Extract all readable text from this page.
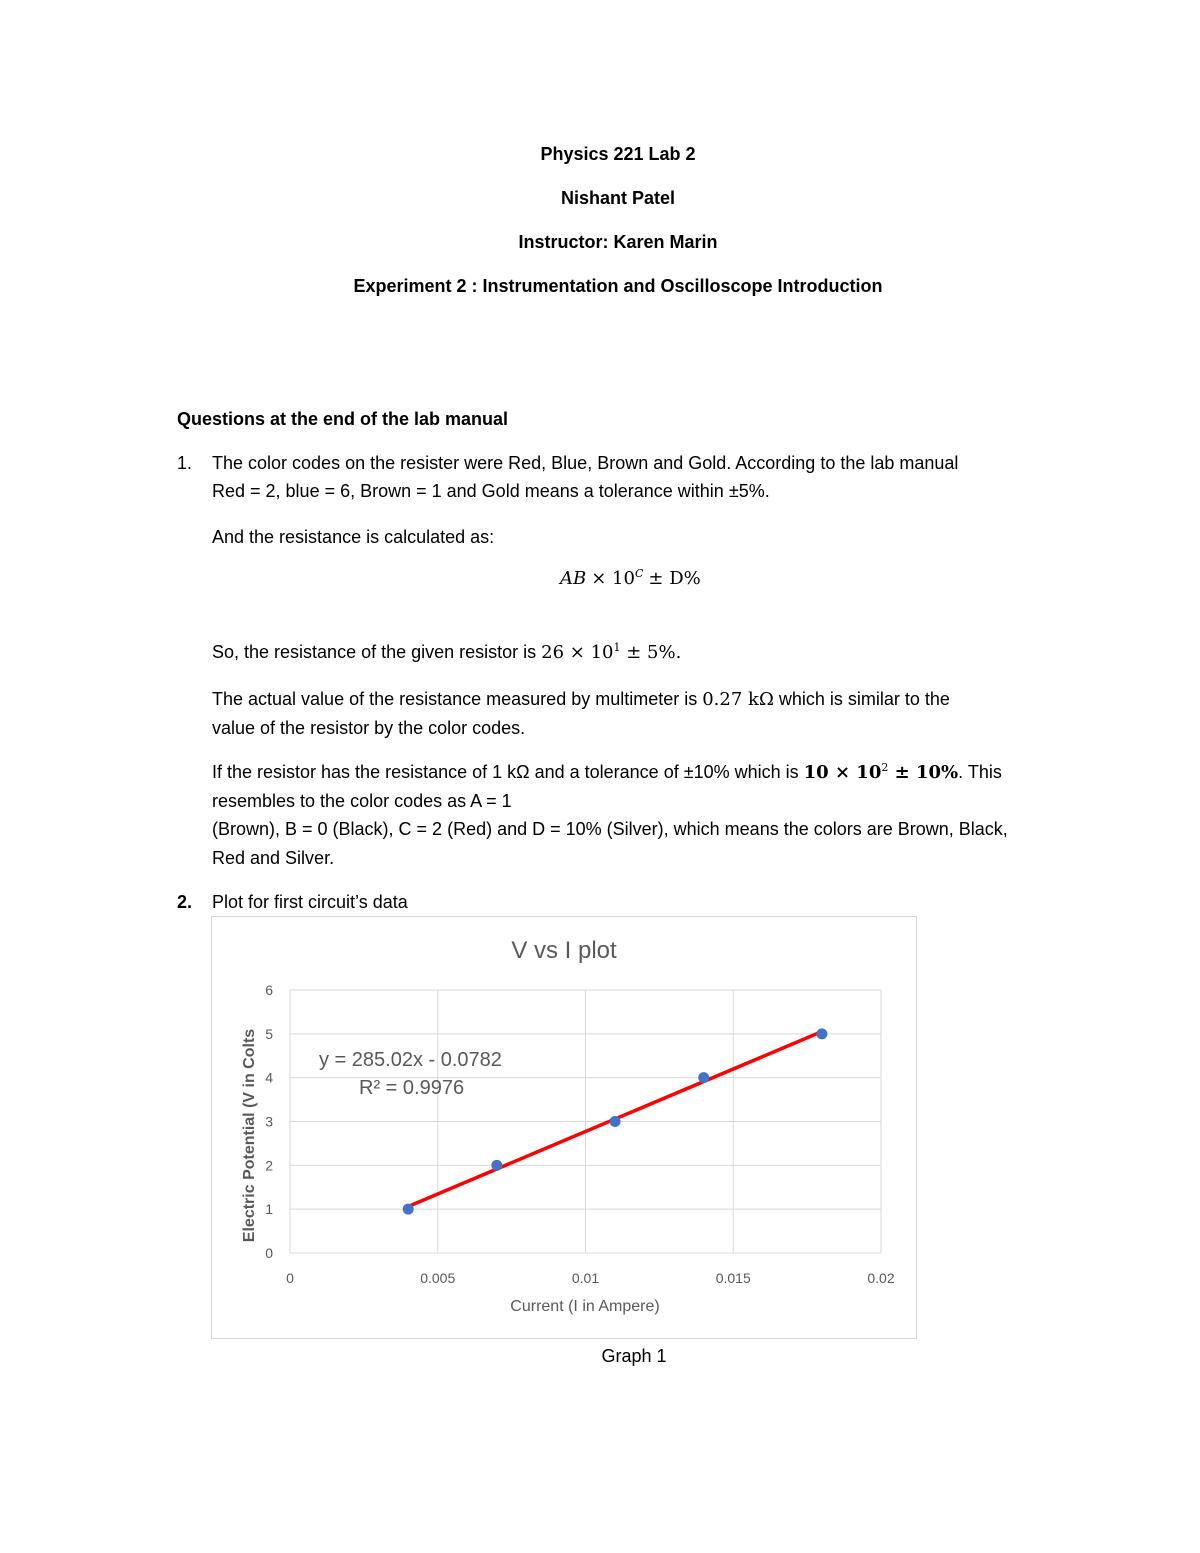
Physics 221 Lab 2
Nishant Patel
Instructor: Karen Marin
Experiment 2 : Instrumentation and Oscilloscope Introduction
Questions at the end of the lab manual
1. The color codes on the resister were Red, Blue, Brown and Gold. According to the lab manual
Red = 2, blue = 6, Brown = 1 and Gold means a tolerance within ±5%.
And the resistance is calculated as:
AB × $10^C \pm D\%$
So, the resistance of the given resistor is $26 \times 10^1 \pm 5\%$.
The actual value of the resistance measured by multimeter is 0.27 kΩ which is similar to the
value of the resistor by the color codes.
If the resistor has the resistance of 1 kΩ and a tolerance of ±10% which is $10 \times 10^2 \pm 10\%$. This
resembles to the color codes as A = 1
(Brown), B = 0 (Black), C = 2 (Red) and D = 10% (Silver), which means the colors are Brown, Black,
Red and Silver.
2. Plot for first circuit’s data
V vs I plot
0
1
2
3
4
5
6
0	0.005	0.01	0.015	0.02
Current (I in Ampere)
Electric Potential (V in Colts	y = 285.02x - 0.0782
R² = 0.9976
Graph 1
